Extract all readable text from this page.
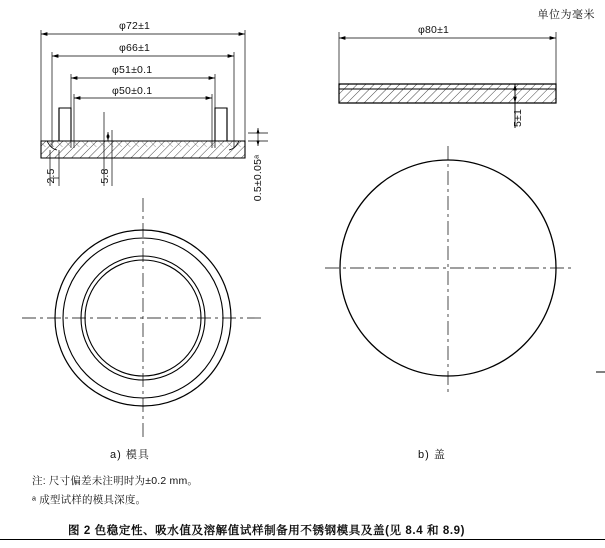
单位为毫米
φ72±1
φ66±1
φ51±0.1
φ50±0.1
2.5	5.8	0.5±0.05ᵃ
φ80±1
5±1
a) 模具	b) 盖
注: 尺寸偏差未注明时为±0.2 mm。
ᵃ 成型试样的模具深度。
图 2 色稳定性、吸水值及溶解值试样制备用不锈钢模具及盖(见 8.4 和 8.9)
